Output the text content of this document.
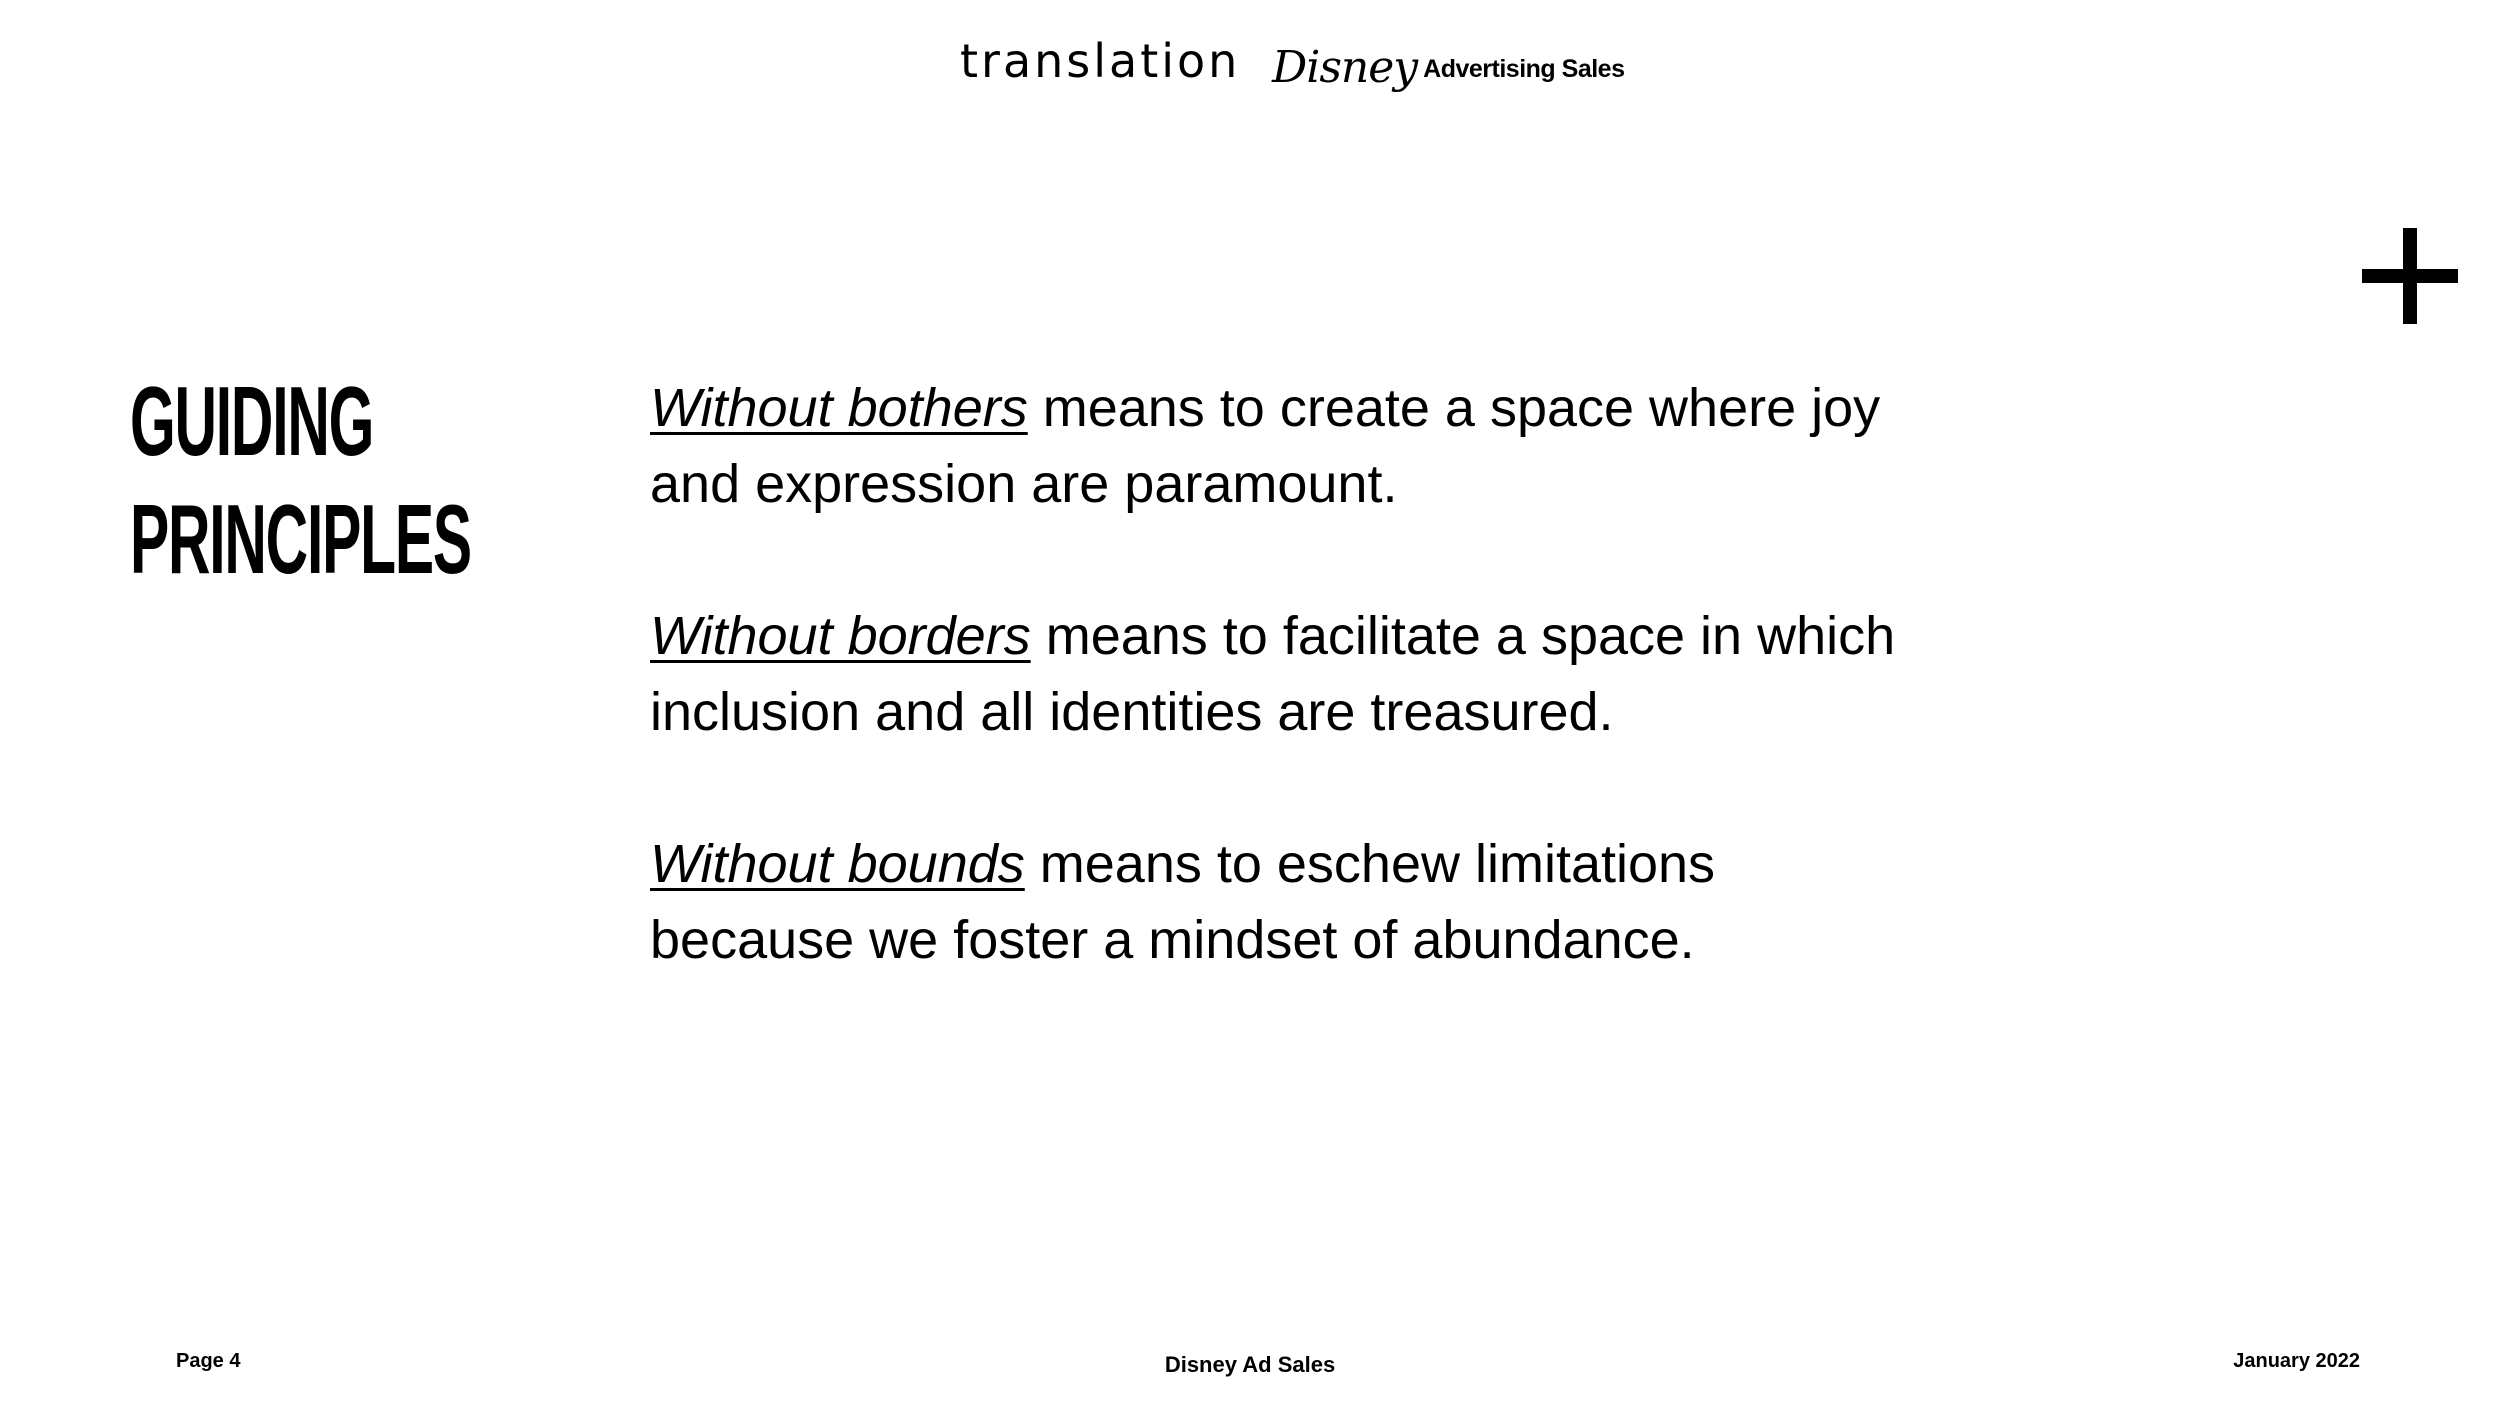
translation Disney Advertising Sales
GUIDING
PRINCIPLES

Without bothers means to create a space where joy and expression are paramount.

Without borders means to facilitate a space in which inclusion and all identities are treasured.

Without bounds means to eschew limitations because we foster a mindset of abundance.

Page 4	Disney Ad Sales	January 2022
